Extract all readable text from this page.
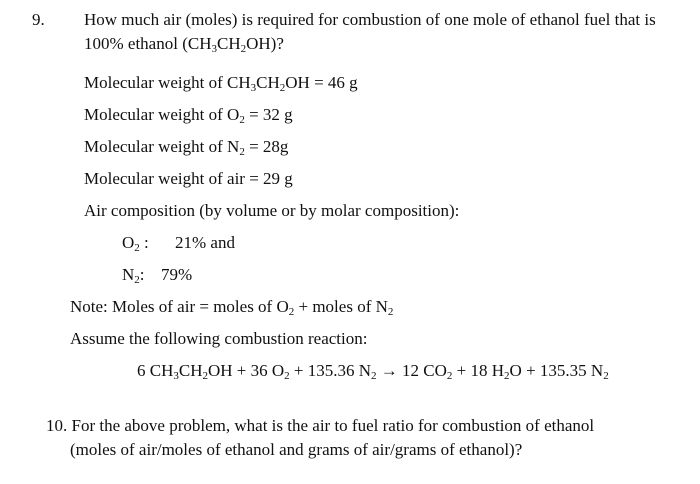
9. How much air (moles) is required for combustion of one mole of ethanol fuel that is
100% ethanol $(CH_3CH_2OH)$?
Molecular weight of $CH_3CH_2OH = 46$ g
Molecular weight of $O_2 = 32$ g
Molecular weight of $N_2 = 28g$
Molecular weight of air = 29 g
Air composition (by volume or by molar composition):
$O_2$ : 21% and
$N_2$: 79%
Note: Moles of air = moles of $O_2$ + moles of $N_2$
Assume the following combustion reaction:
6 $CH_3CH_2OH + 36$ $O_2 + 135.36$ $N_2 \to 12$ $CO_2 + 18$ $H_2O + 135.35$ $N_2$
10. For the above problem, what is the air to fuel ratio for combustion of ethanol
(moles of air/moles of ethanol and grams of air/grams of ethanol)?
